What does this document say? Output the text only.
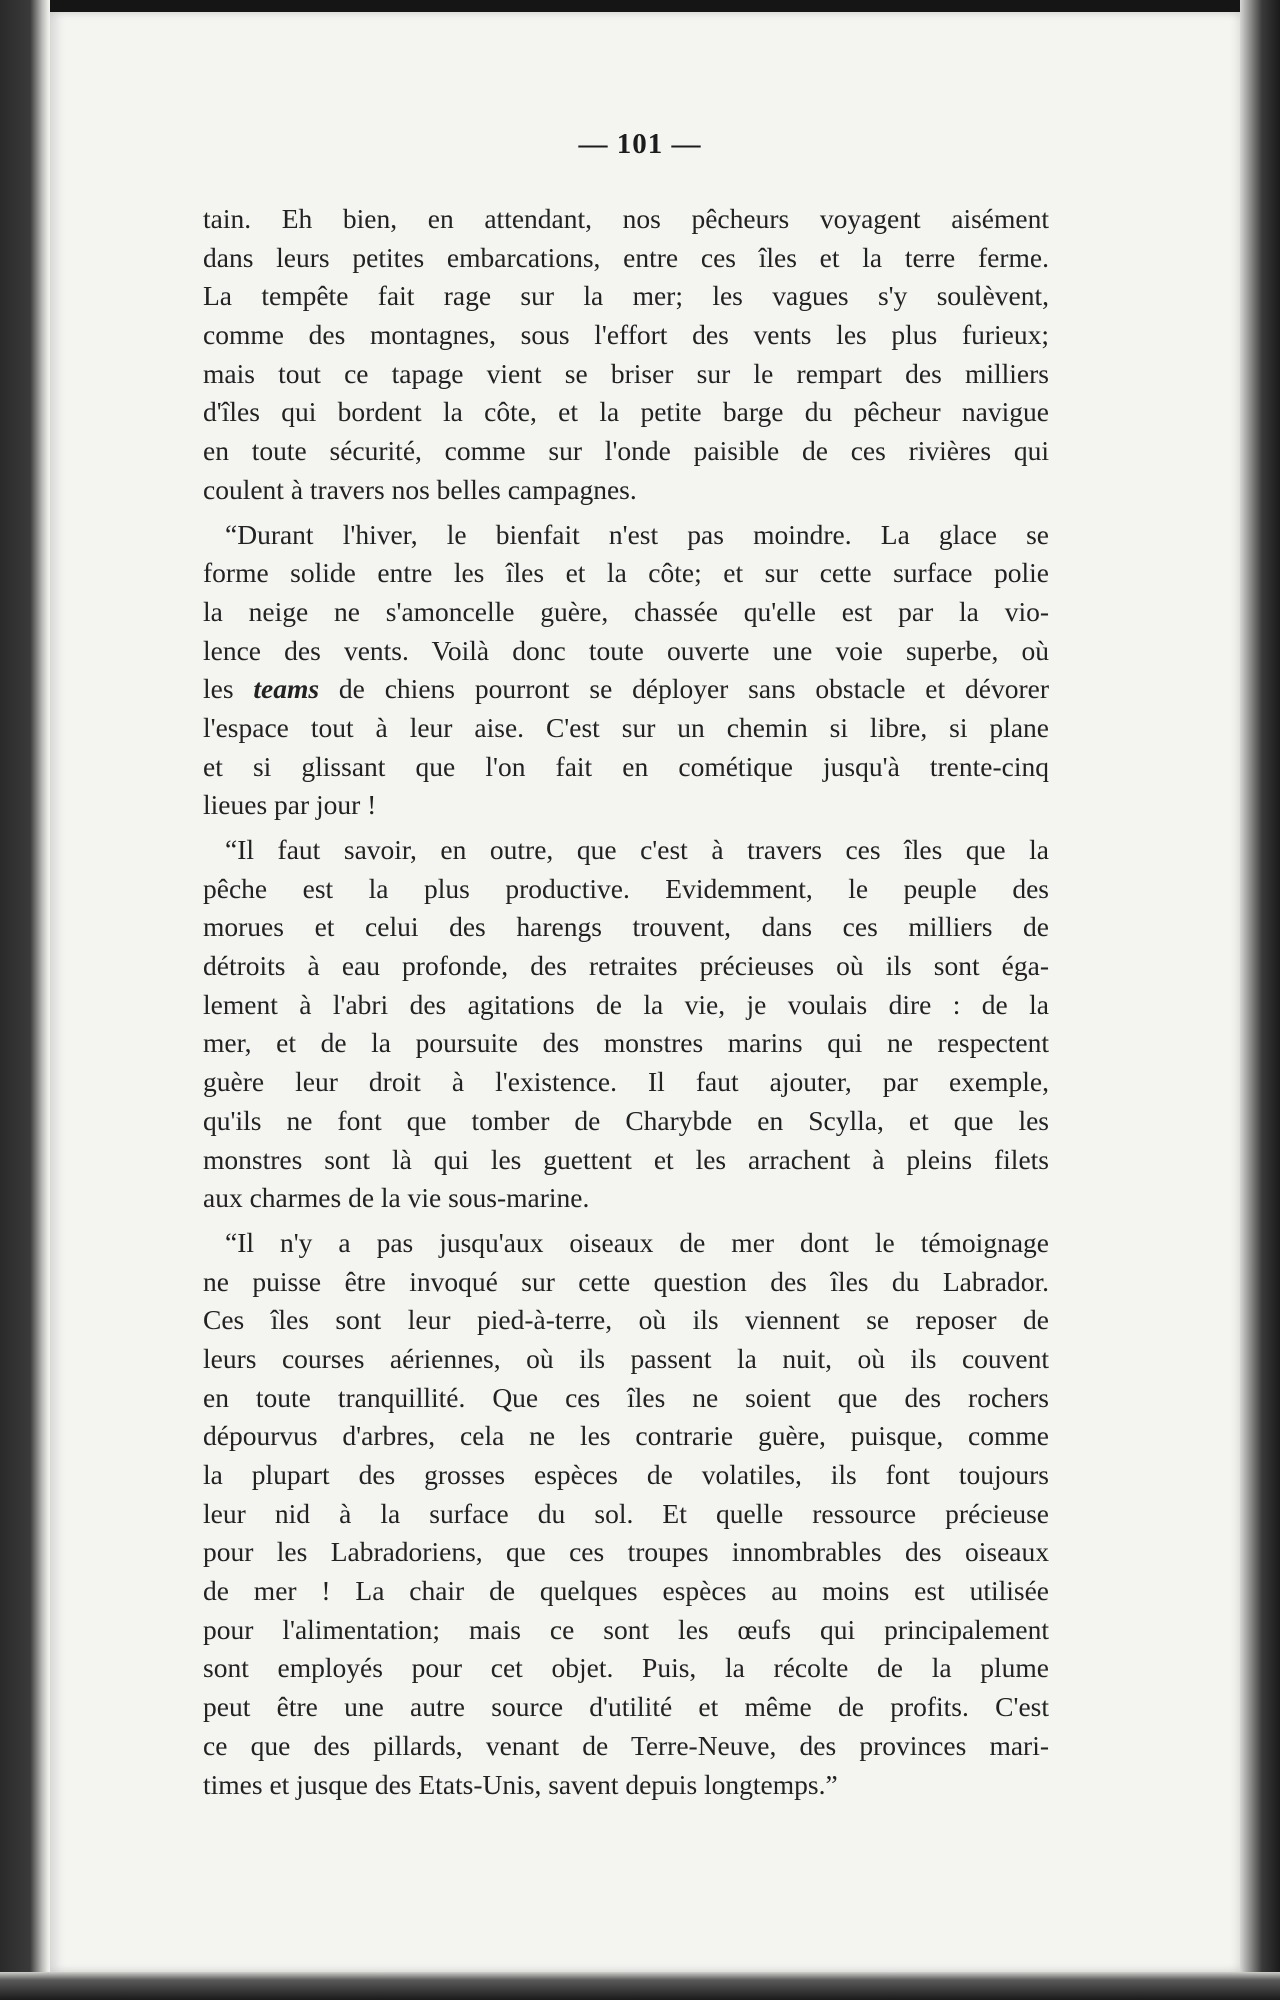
— 101 —
tain. Eh bien, en attendant, nos pêcheurs voyagent aisément
dans leurs petites embarcations, entre ces îles et la terre ferme.
La tempête fait rage sur la mer; les vagues s'y soulèvent,
comme des montagnes, sous l'effort des vents les plus furieux;
mais tout ce tapage vient se briser sur le rempart des milliers
d'îles qui bordent la côte, et la petite barge du pêcheur navigue
en toute sécurité, comme sur l'onde paisible de ces rivières qui
coulent à travers nos belles campagnes.
“Durant l'hiver, le bienfait n'est pas moindre. La glace se
forme solide entre les îles et la côte; et sur cette surface polie
la neige ne s'amoncelle guère, chassée qu'elle est par la vio-
lence des vents. Voilà donc toute ouverte une voie superbe, où
les teams de chiens pourront se déployer sans obstacle et dévorer
l'espace tout à leur aise. C'est sur un chemin si libre, si plane
et si glissant que l'on fait en cométique jusqu'à trente-cinq
lieues par jour !
“Il faut savoir, en outre, que c'est à travers ces îles que la
pêche est la plus productive. Evidemment, le peuple des
morues et celui des harengs trouvent, dans ces milliers de
détroits à eau profonde, des retraites précieuses où ils sont éga-
lement à l'abri des agitations de la vie, je voulais dire : de la
mer, et de la poursuite des monstres marins qui ne respectent
guère leur droit à l'existence. Il faut ajouter, par exemple,
qu'ils ne font que tomber de Charybde en Scylla, et que les
monstres sont là qui les guettent et les arrachent à pleins filets
aux charmes de la vie sous-marine.
“Il n'y a pas jusqu'aux oiseaux de mer dont le témoignage
ne puisse être invoqué sur cette question des îles du Labrador.
Ces îles sont leur pied-à-terre, où ils viennent se reposer de
leurs courses aériennes, où ils passent la nuit, où ils couvent
en toute tranquillité. Que ces îles ne soient que des rochers
dépourvus d'arbres, cela ne les contrarie guère, puisque, comme
la plupart des grosses espèces de volatiles, ils font toujours
leur nid à la surface du sol. Et quelle ressource précieuse
pour les Labradoriens, que ces troupes innombrables des oiseaux
de mer ! La chair de quelques espèces au moins est utilisée
pour l'alimentation; mais ce sont les œufs qui principalement
sont employés pour cet objet. Puis, la récolte de la plume
peut être une autre source d'utilité et même de profits. C'est
ce que des pillards, venant de Terre-Neuve, des provinces mari-
times et jusque des Etats-Unis, savent depuis longtemps.”
